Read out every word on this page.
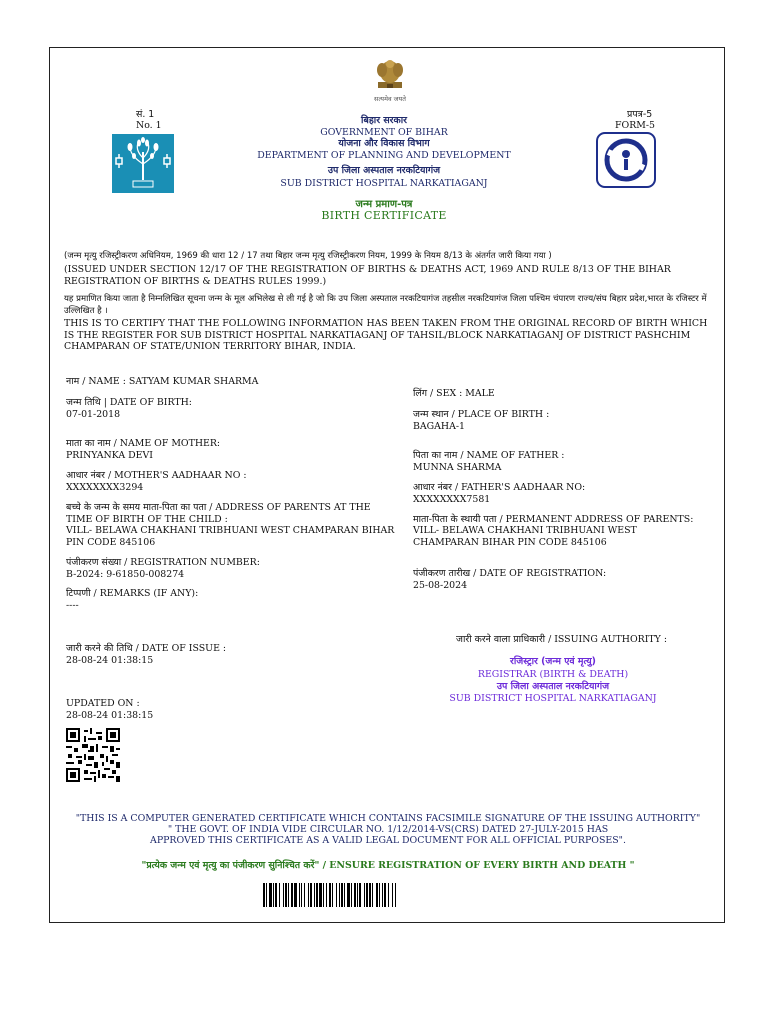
सत्यमेव जयते
सं. 1
No. 1
प्रपत्र-5
FORM-5
बिहार सरकार
GOVERNMENT OF BIHAR
योजना और विकास विभाग
DEPARTMENT OF PLANNING AND DEVELOPMENT
उप जिला अस्पताल नरकटियागंज
SUB DISTRICT HOSPITAL NARKATIAGANJ
जन्म प्रमाण-पत्र
BIRTH CERTIFICATE
(जन्म मृत्यु रजिस्ट्रीकरण अधिनियम, 1969 की धारा 12 / 17 तथा बिहार जन्म मृत्यु रजिस्ट्रीकरण नियम, 1999 के नियम 8/13 के अंतर्गत जारी किया गया )
(ISSUED UNDER SECTION 12/17 OF THE REGISTRATION OF BIRTHS & DEATHS ACT, 1969 AND RULE 8/13 OF THE BIHAR REGISTRATION OF BIRTHS & DEATHS RULES 1999.)
यह प्रमाणित किया जाता है निम्नलिखित सूचना जन्म के मूल अभिलेख से ली गई है जो कि उप जिला अस्पताल नरकटियागंज तहसील नरकटियागंज जिला पश्चिम चंपारण राज्य/संघ बिहार प्रदेश,भारत के रजिस्टर में उल्लिखित है ।
THIS IS TO CERTIFY THAT THE FOLLOWING INFORMATION HAS BEEN TAKEN FROM THE ORIGINAL RECORD OF BIRTH WHICH IS THE REGISTER FOR SUB DISTRICT HOSPITAL NARKATIAGANJ OF TAHSIL/BLOCK NARKATIAGANJ OF DISTRICT PASHCHIM CHAMPARAN OF STATE/UNION TERRITORY BIHAR, INDIA.
नाम / NAME : SATYAM KUMAR SHARMA
जन्म तिथि | DATE OF BIRTH:
07-01-2018
माता का नाम / NAME OF MOTHER:
PRINYANKA DEVI
आधार नंबर / MOTHER'S AADHAAR NO :
XXXXXXXX3294
बच्चे के जन्म के समय माता-पिता का पता / ADDRESS OF PARENTS AT THE TIME OF BIRTH OF THE CHILD :
VILL- BELAWA CHAKHANI TRIBHUANI WEST CHAMPARAN BIHAR PIN CODE 845106
पंजीकरण संख्या / REGISTRATION NUMBER:
B-2024: 9-61850-008274
टिप्पणी / REMARKS (IF ANY):
----
जारी करने की तिथि / DATE OF ISSUE :
28-08-24 01:38:15
UPDATED ON :
28-08-24 01:38:15
लिंग / SEX : MALE
जन्म स्थान / PLACE OF BIRTH :
BAGAHA-1
पिता का नाम / NAME OF FATHER :
MUNNA SHARMA
आधार नंबर / FATHER'S AADHAAR NO:
XXXXXXXX7581
माता-पिता के स्थायी पता / PERMANENT ADDRESS OF PARENTS:
VILL- BELAWA CHAKHANI TRIBHUANI WEST CHAMPARAN BIHAR PIN CODE 845106
पंजीकरण तारीख / DATE OF REGISTRATION:
25-08-2024
जारी करने वाला प्राधिकारी / ISSUING AUTHORITY :
रजिस्ट्रार (जन्म एवं मृत्यु)
REGISTRAR (BIRTH & DEATH)
उप जिला अस्पताल नरकटियागंज
SUB DISTRICT HOSPITAL NARKATIAGANJ
"THIS IS A COMPUTER GENERATED CERTIFICATE WHICH CONTAINS FACSIMILE SIGNATURE OF THE ISSUING AUTHORITY"
" THE GOVT. OF INDIA VIDE CIRCULAR NO. 1/12/2014-VS(CRS) DATED 27-JULY-2015 HAS
APPROVED THIS CERTIFICATE AS A VALID LEGAL DOCUMENT FOR ALL OFFICIAL PURPOSES".
"प्रत्येक जन्म एवं मृत्यु का पंजीकरण सुनिश्चित करें" / ENSURE REGISTRATION OF EVERY BIRTH AND DEATH "
